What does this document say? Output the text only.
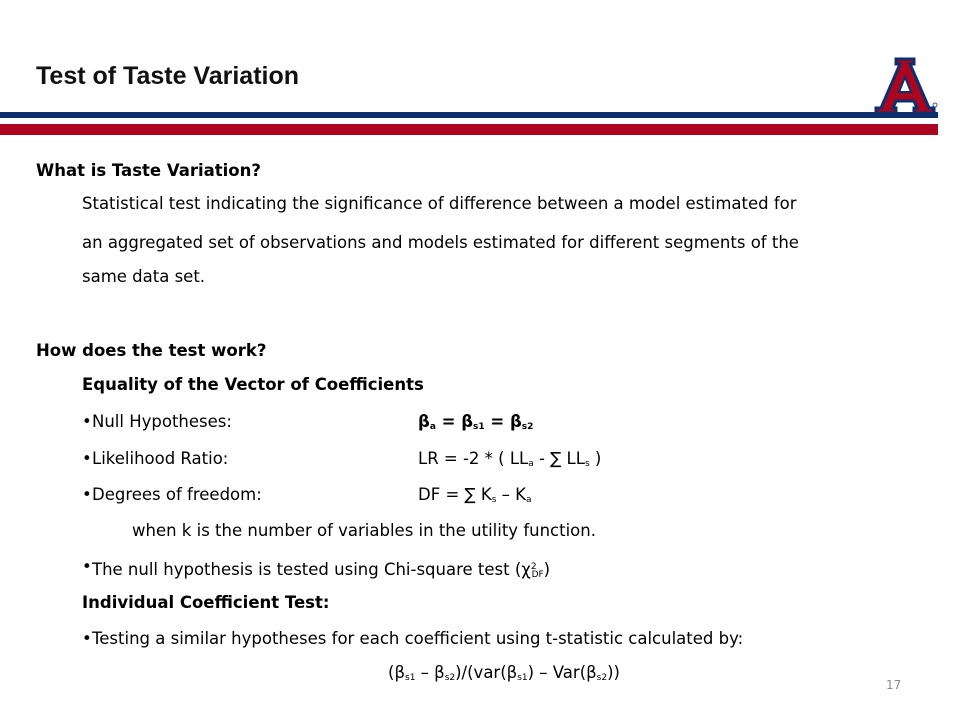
Test of Taste Variation
What is Taste Variation?
Statistical test indicating the significance of difference between a model estimated for
an aggregated set of observations and models estimated for different segments of the
same data set.
How does the test work?
Equality of the Vector of Coefficients
• Null Hypotheses:	$\beta_a = \beta_{s1} = \beta_{s2}$
• Likelihood Ratio:	LR = -2 * ( $LL_a$ - ∑ $LL_s$ )
• Degrees of freedom:	DF = ∑ $K_s - K_a$
when k is the number of variables in the utility function.
• The null hypothesis is tested using Chi-square test $(\chi^2_{DF})$
Individual Coefficient Test:
• Testing a similar hypotheses for each coefficient using t-statistic calculated by:
$(\beta_{s1} - \beta_{s2})/(var(\beta_{s1}) - Var(\beta_{s2}))$
17
